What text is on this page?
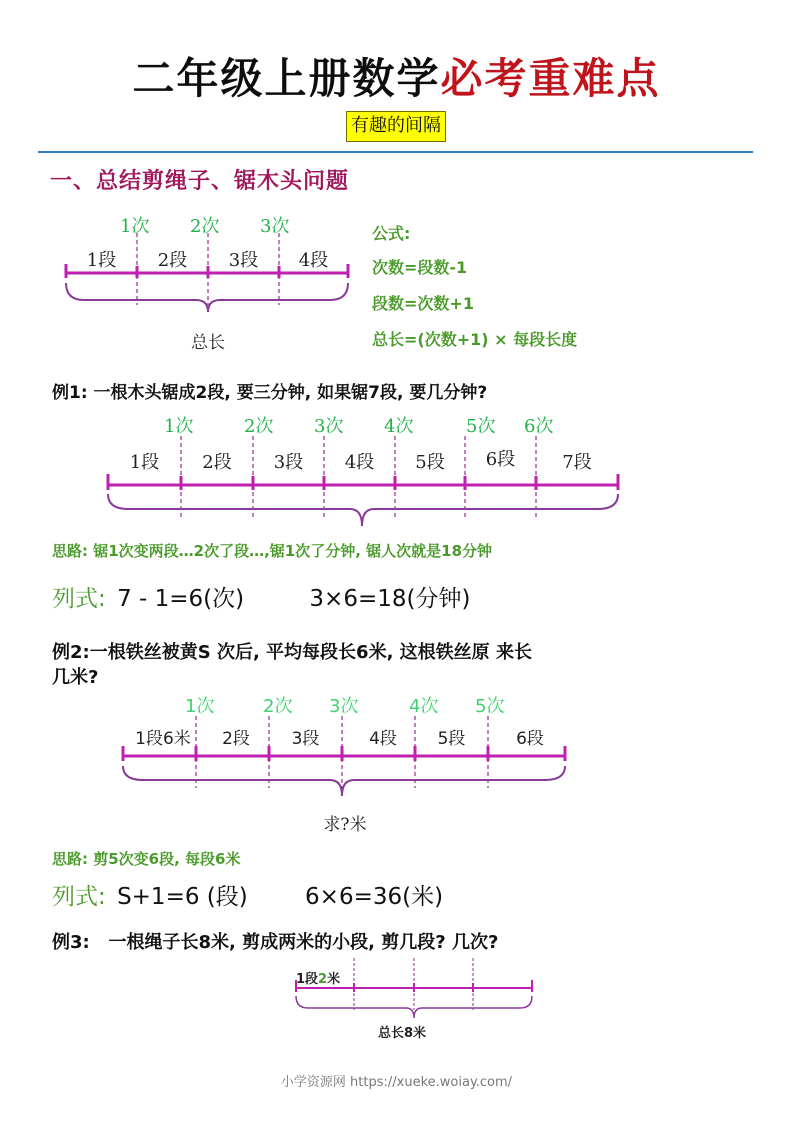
二年级上册数学必考重难点
有趣的间隔
一、总结剪绳子、锯木头问题
1次 2次 3次
1段	2段	3段	4段
总长
公式:
次数=段数-1
段数=次数+1
总长=(次数+1) × 每段长度
例1: 一根木头锯成2段, 要三分钟, 如果锯7段, 要几分钟?
1次	2次 3次 4次	5次 6次
1段	2段	3段	4段	5段	6段	7段
思路: 锯1次变两段…2次了段…,锯1次了分钟, 锯人次就是18分钟
列式: 7 - 1=6(次)	3×6=18(分钟)
例2:一根铁丝被黄S 次后, 平均每段长6米, 这根铁丝原 来长
几米?
1次	2次 3次	4次 5次
1段6米	2段	3段	4段	5段	6段
求?米
思路: 剪5次变6段, 每段6米
列式: S+1=6 (段) 6×6=36(米)
例3:   一根绳子长8米, 剪成两米的小段, 剪几段? 几次?
1段2米
总长8米
小学资源网 https://xueke.woiay.com/
